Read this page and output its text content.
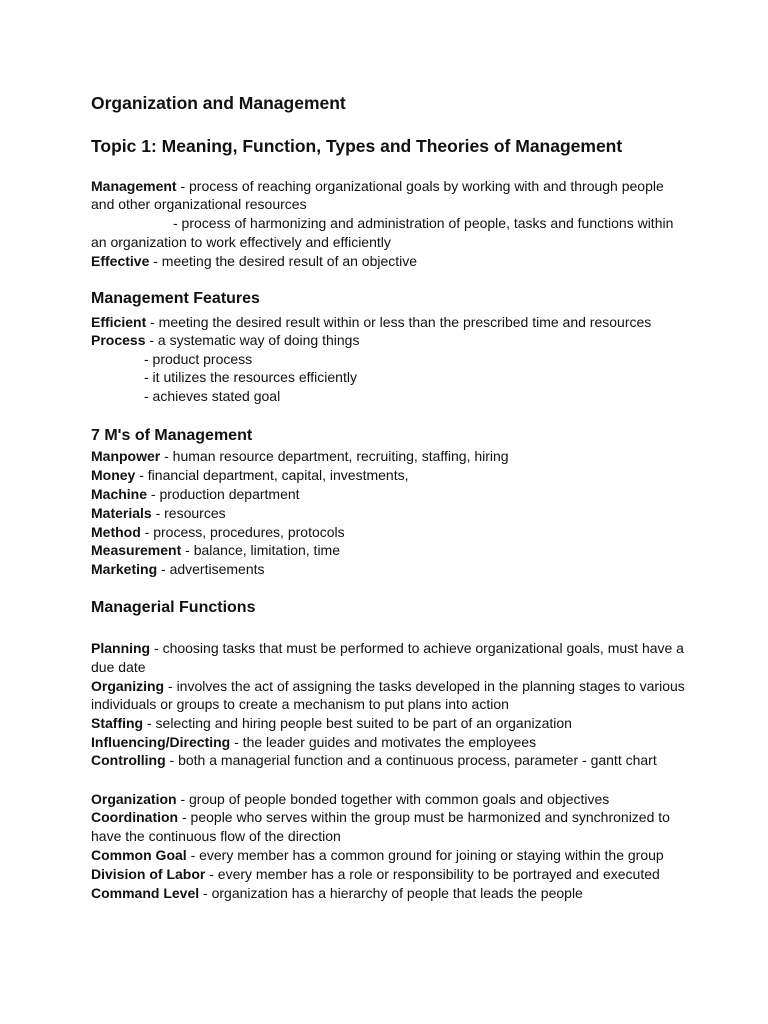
Organization and Management
Topic 1: Meaning, Function, Types and Theories of Management
Management - process of reaching organizational goals by working with and through people
and other organizational resources
- process of harmonizing and administration of people, tasks and functions within
an organization to work effectively and efficiently
Effective - meeting the desired result of an objective
Management Features
Efficient - meeting the desired result within or less than the prescribed time and resources
Process - a systematic way of doing things
- product process
- it utilizes the resources efficiently
- achieves stated goal
7 M's of Management
Manpower - human resource department, recruiting, staffing, hiring
Money - financial department, capital, investments,
Machine - production department
Materials - resources
Method - process, procedures, protocols
Measurement - balance, limitation, time
Marketing - advertisements
Managerial Functions
Planning - choosing tasks that must be performed to achieve organizational goals, must have a
due date
Organizing - involves the act of assigning the tasks developed in the planning stages to various
individuals or groups to create a mechanism to put plans into action
Staffing - selecting and hiring people best suited to be part of an organization
Influencing/Directing - the leader guides and motivates the employees
Controlling - both a managerial function and a continuous process, parameter - gantt chart
Organization - group of people bonded together with common goals and objectives
Coordination - people who serves within the group must be harmonized and synchronized to
have the continuous flow of the direction
Common Goal - every member has a common ground for joining or staying within the group
Division of Labor - every member has a role or responsibility to be portrayed and executed
Command Level - organization has a hierarchy of people that leads the people
